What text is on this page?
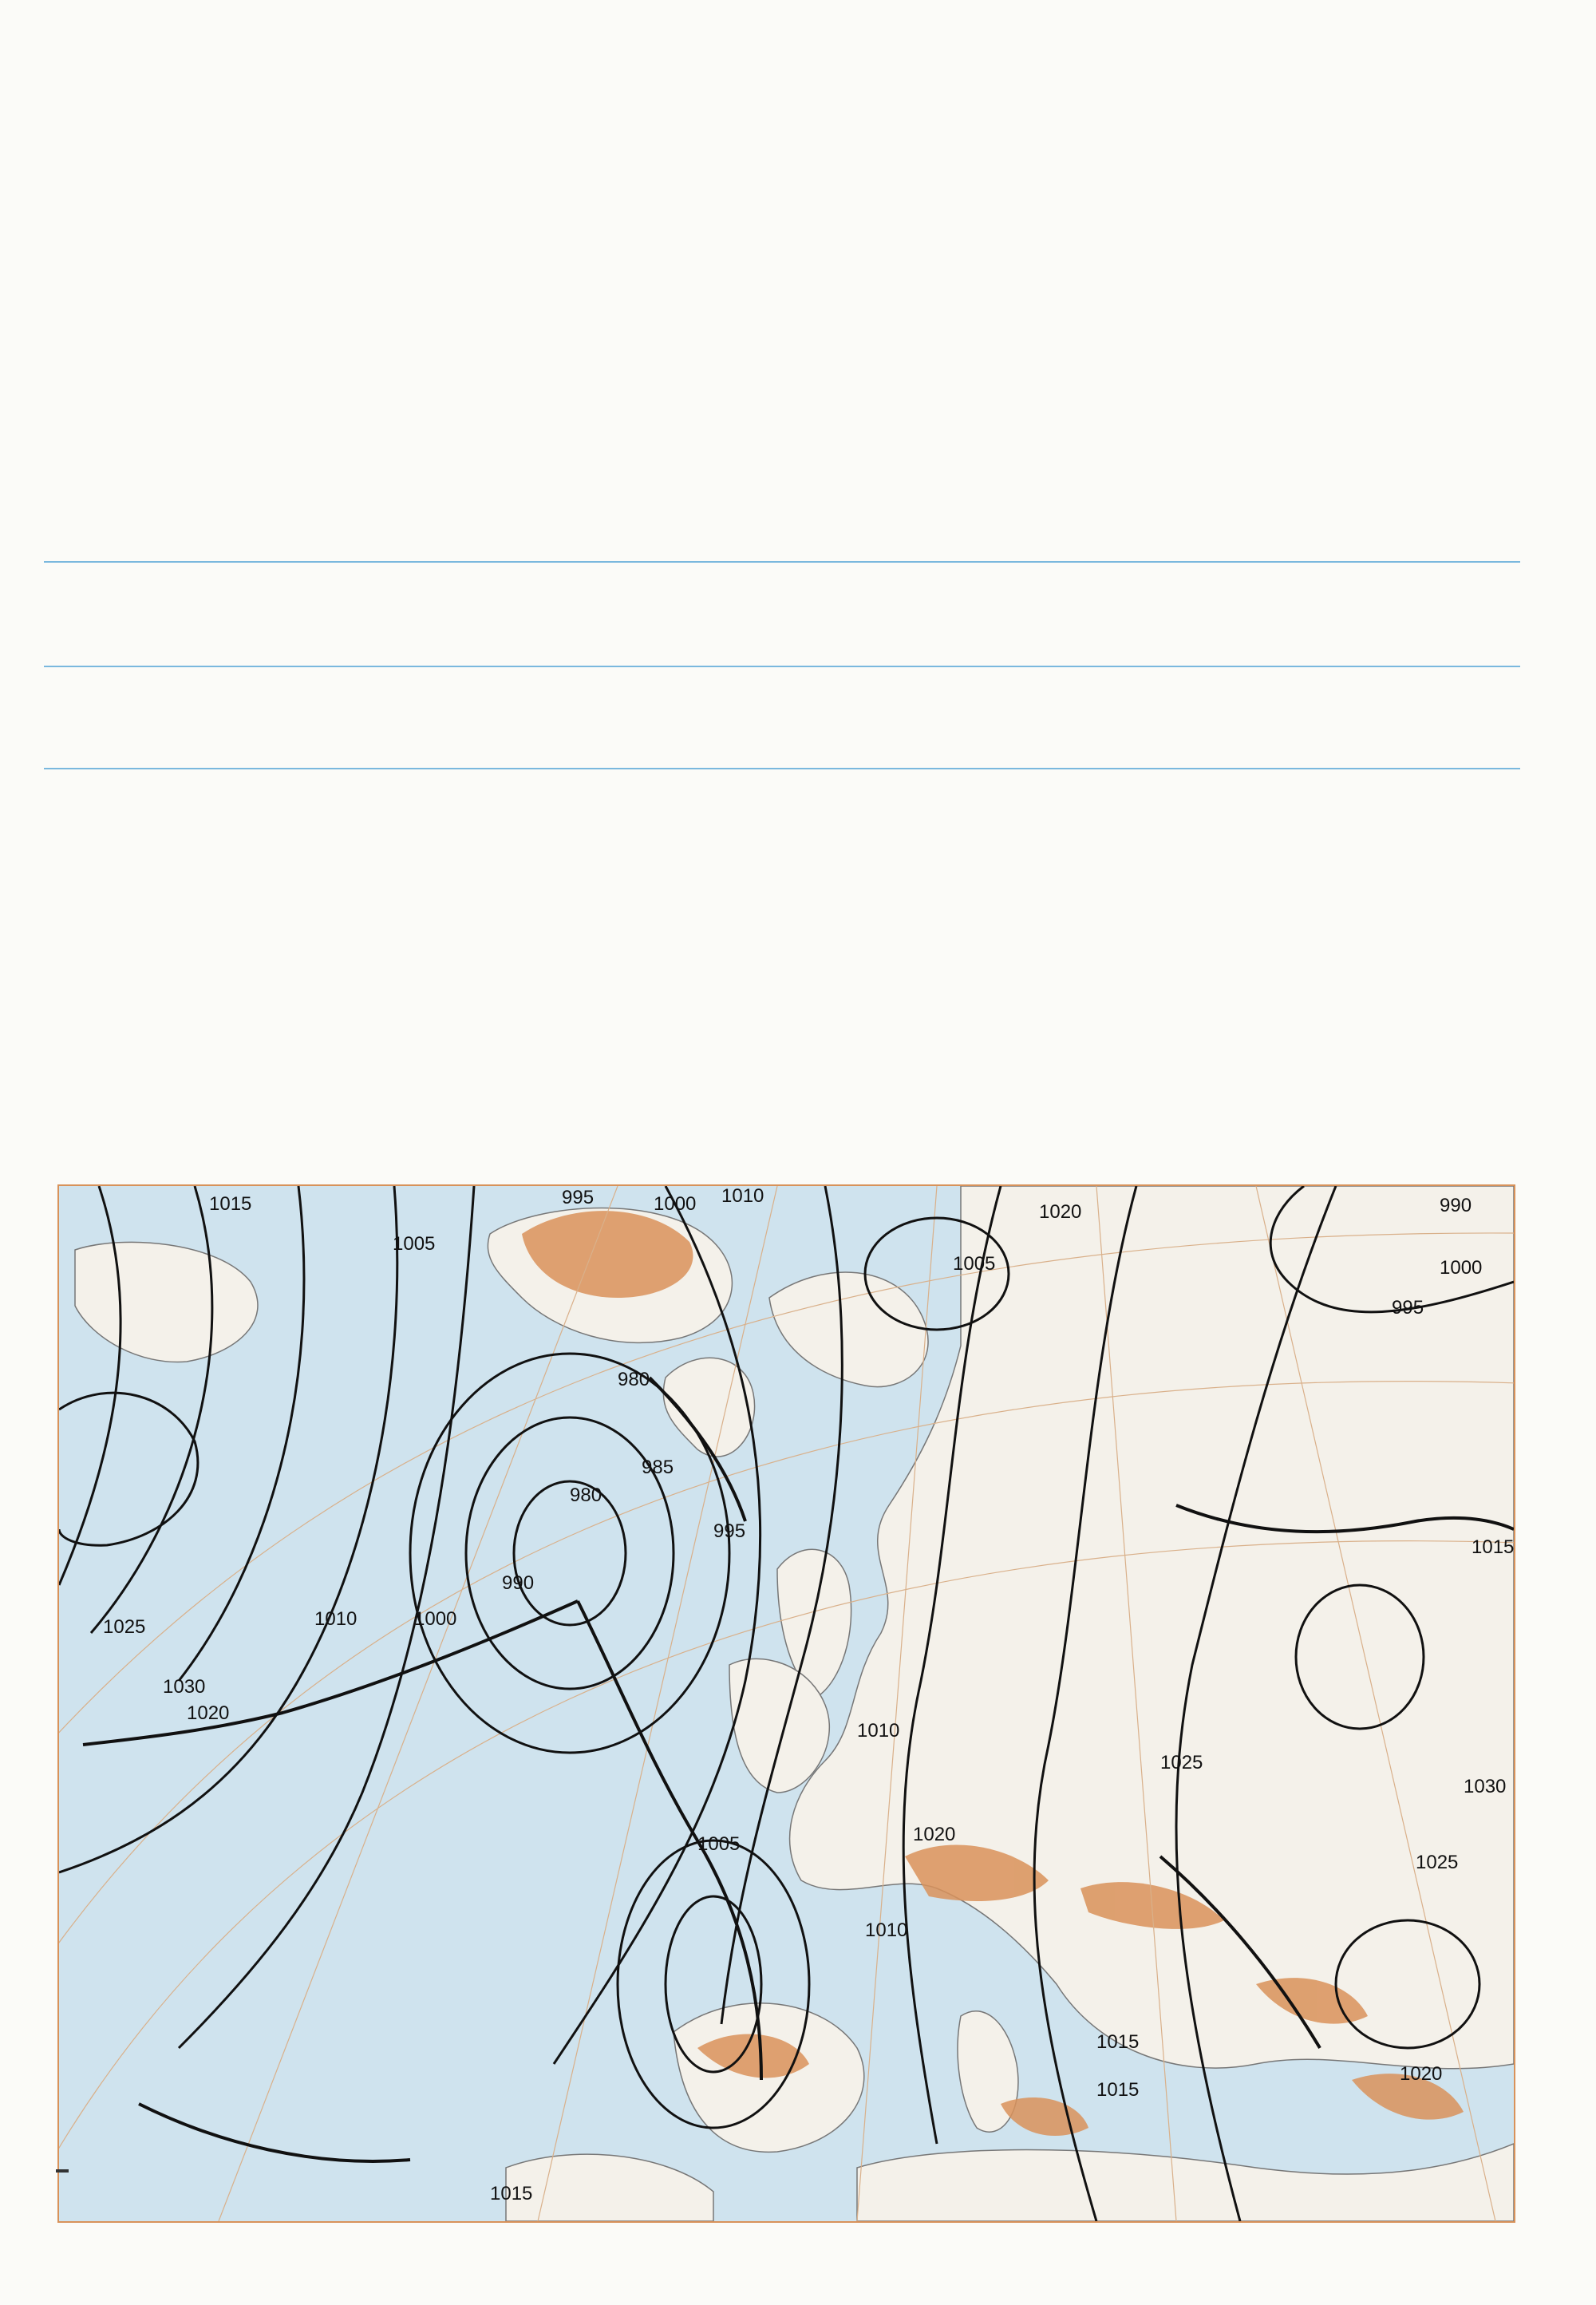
1015
1005
995	1000 1010
1020	990
1000
995
1005
980
985
980
995
990
1000
1010
1025
1030
1020
1005
1010
1020
1010
1025
1030
1025
1015
1015
1020
1015
1015
